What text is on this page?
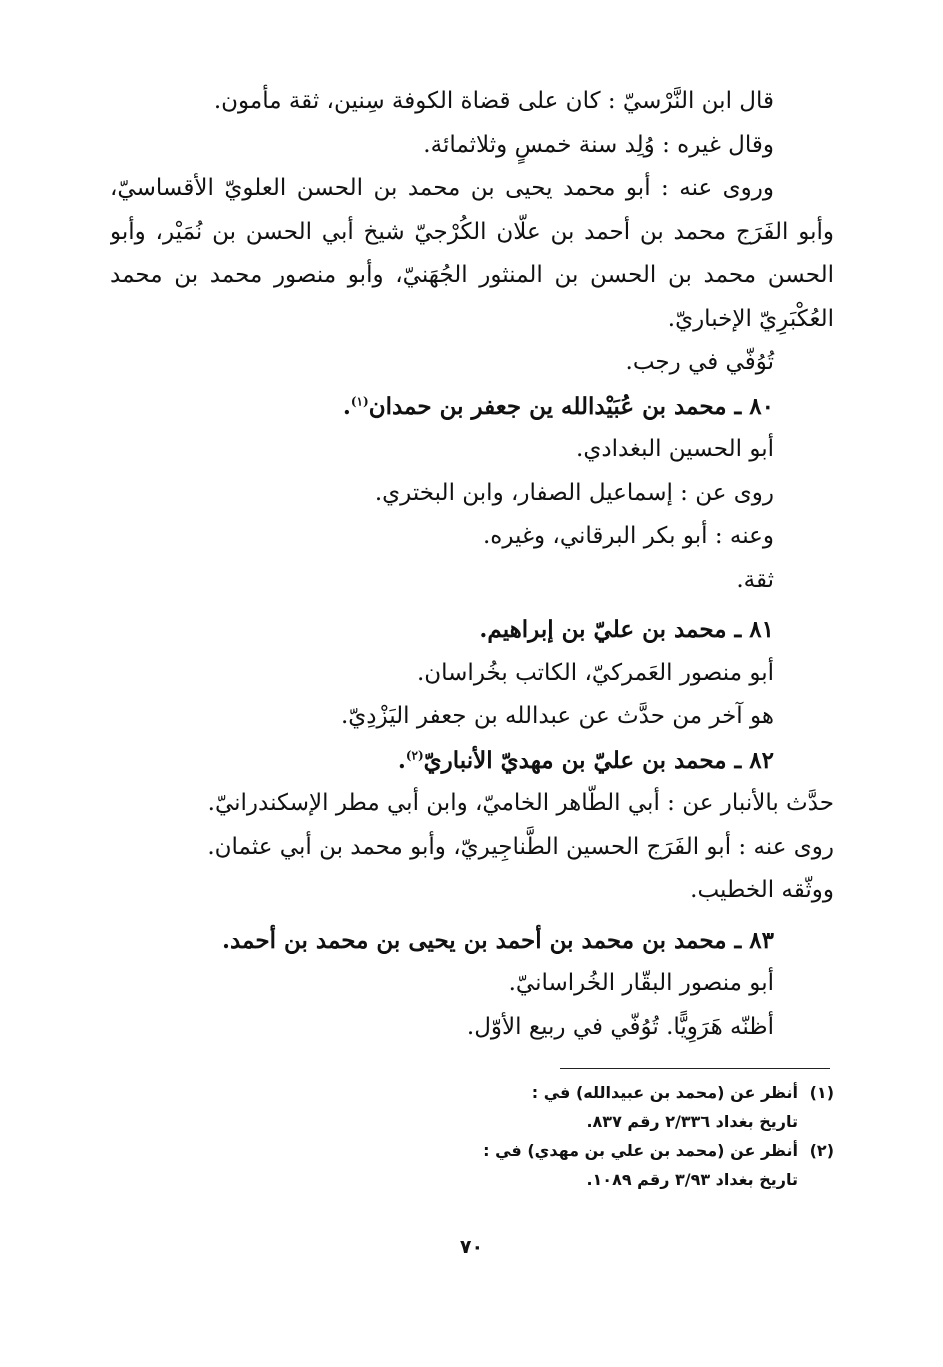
قال ابن النَّرْسيّ : كان على قضاة الكوفة سِنين، ثقة مأمون.
وقال غيره : وُلِد سنة خمسٍ وثلاثمائة.
وروى عنه : أبو محمد يحيى بن محمد بن الحسن العلويّ الأقساسيّ،
وأبو الفَرَج محمد بن أحمد بن علّان الكُرْجيّ شيخ أبي الحسن بن نُمَيْر، وأبو
الحسن محمد بن الحسن بن المنثور الجُهَنيّ، وأبو منصور محمد بن محمد
العُكْبَرِيّ الإخباريّ.
تُوُفّي في رجب.
٨٠ ـ محمد بن عُبَيْدالله ين جعفر بن حمدان$^{(١)}$.
أبو الحسين البغدادي.
روى عن : إسماعيل الصفار، وابن البختري.
وعنه : أبو بكر البرقاني، وغيره.
ثقة.
٨١ ـ محمد بن عليّ بن إبراهيم.
أبو منصور العَمركيّ، الكاتب بخُراسان.
هو آخر من حدَّث عن عبدالله بن جعفر اليَزْدِيّ.
٨٢ ـ محمد بن عليّ بن مهديّ الأنباريّ$^{(٢)}$.
حدَّث بالأنبار عن : أبي الطّاهر الخاميّ، وابن أبي مطر الإسكندرانيّ.
روى عنه : أبو الفَرَج الحسين الطَّناجِيريّ، وأبو محمد بن أبي عثمان.
ووثّقه الخطيب.
٨٣ ـ محمد بن محمد بن أحمد بن يحيى بن محمد بن أحمد.
أبو منصور البقّار الخُراسانيّ.
أظنّه هَرَوِيًّا. تُوُفّي في ربيع الأوّل.
(١)أنظر عن (محمد بن عبيدالله) في :
تاريخ بغداد ٢/٣٣٦ رقم ٨٣٧.
(٢)أنظر عن (محمد بن علي بن مهدي) في :
تاريخ بغداد ٣/٩٣ رقم ١٠٨٩.
٧٠
